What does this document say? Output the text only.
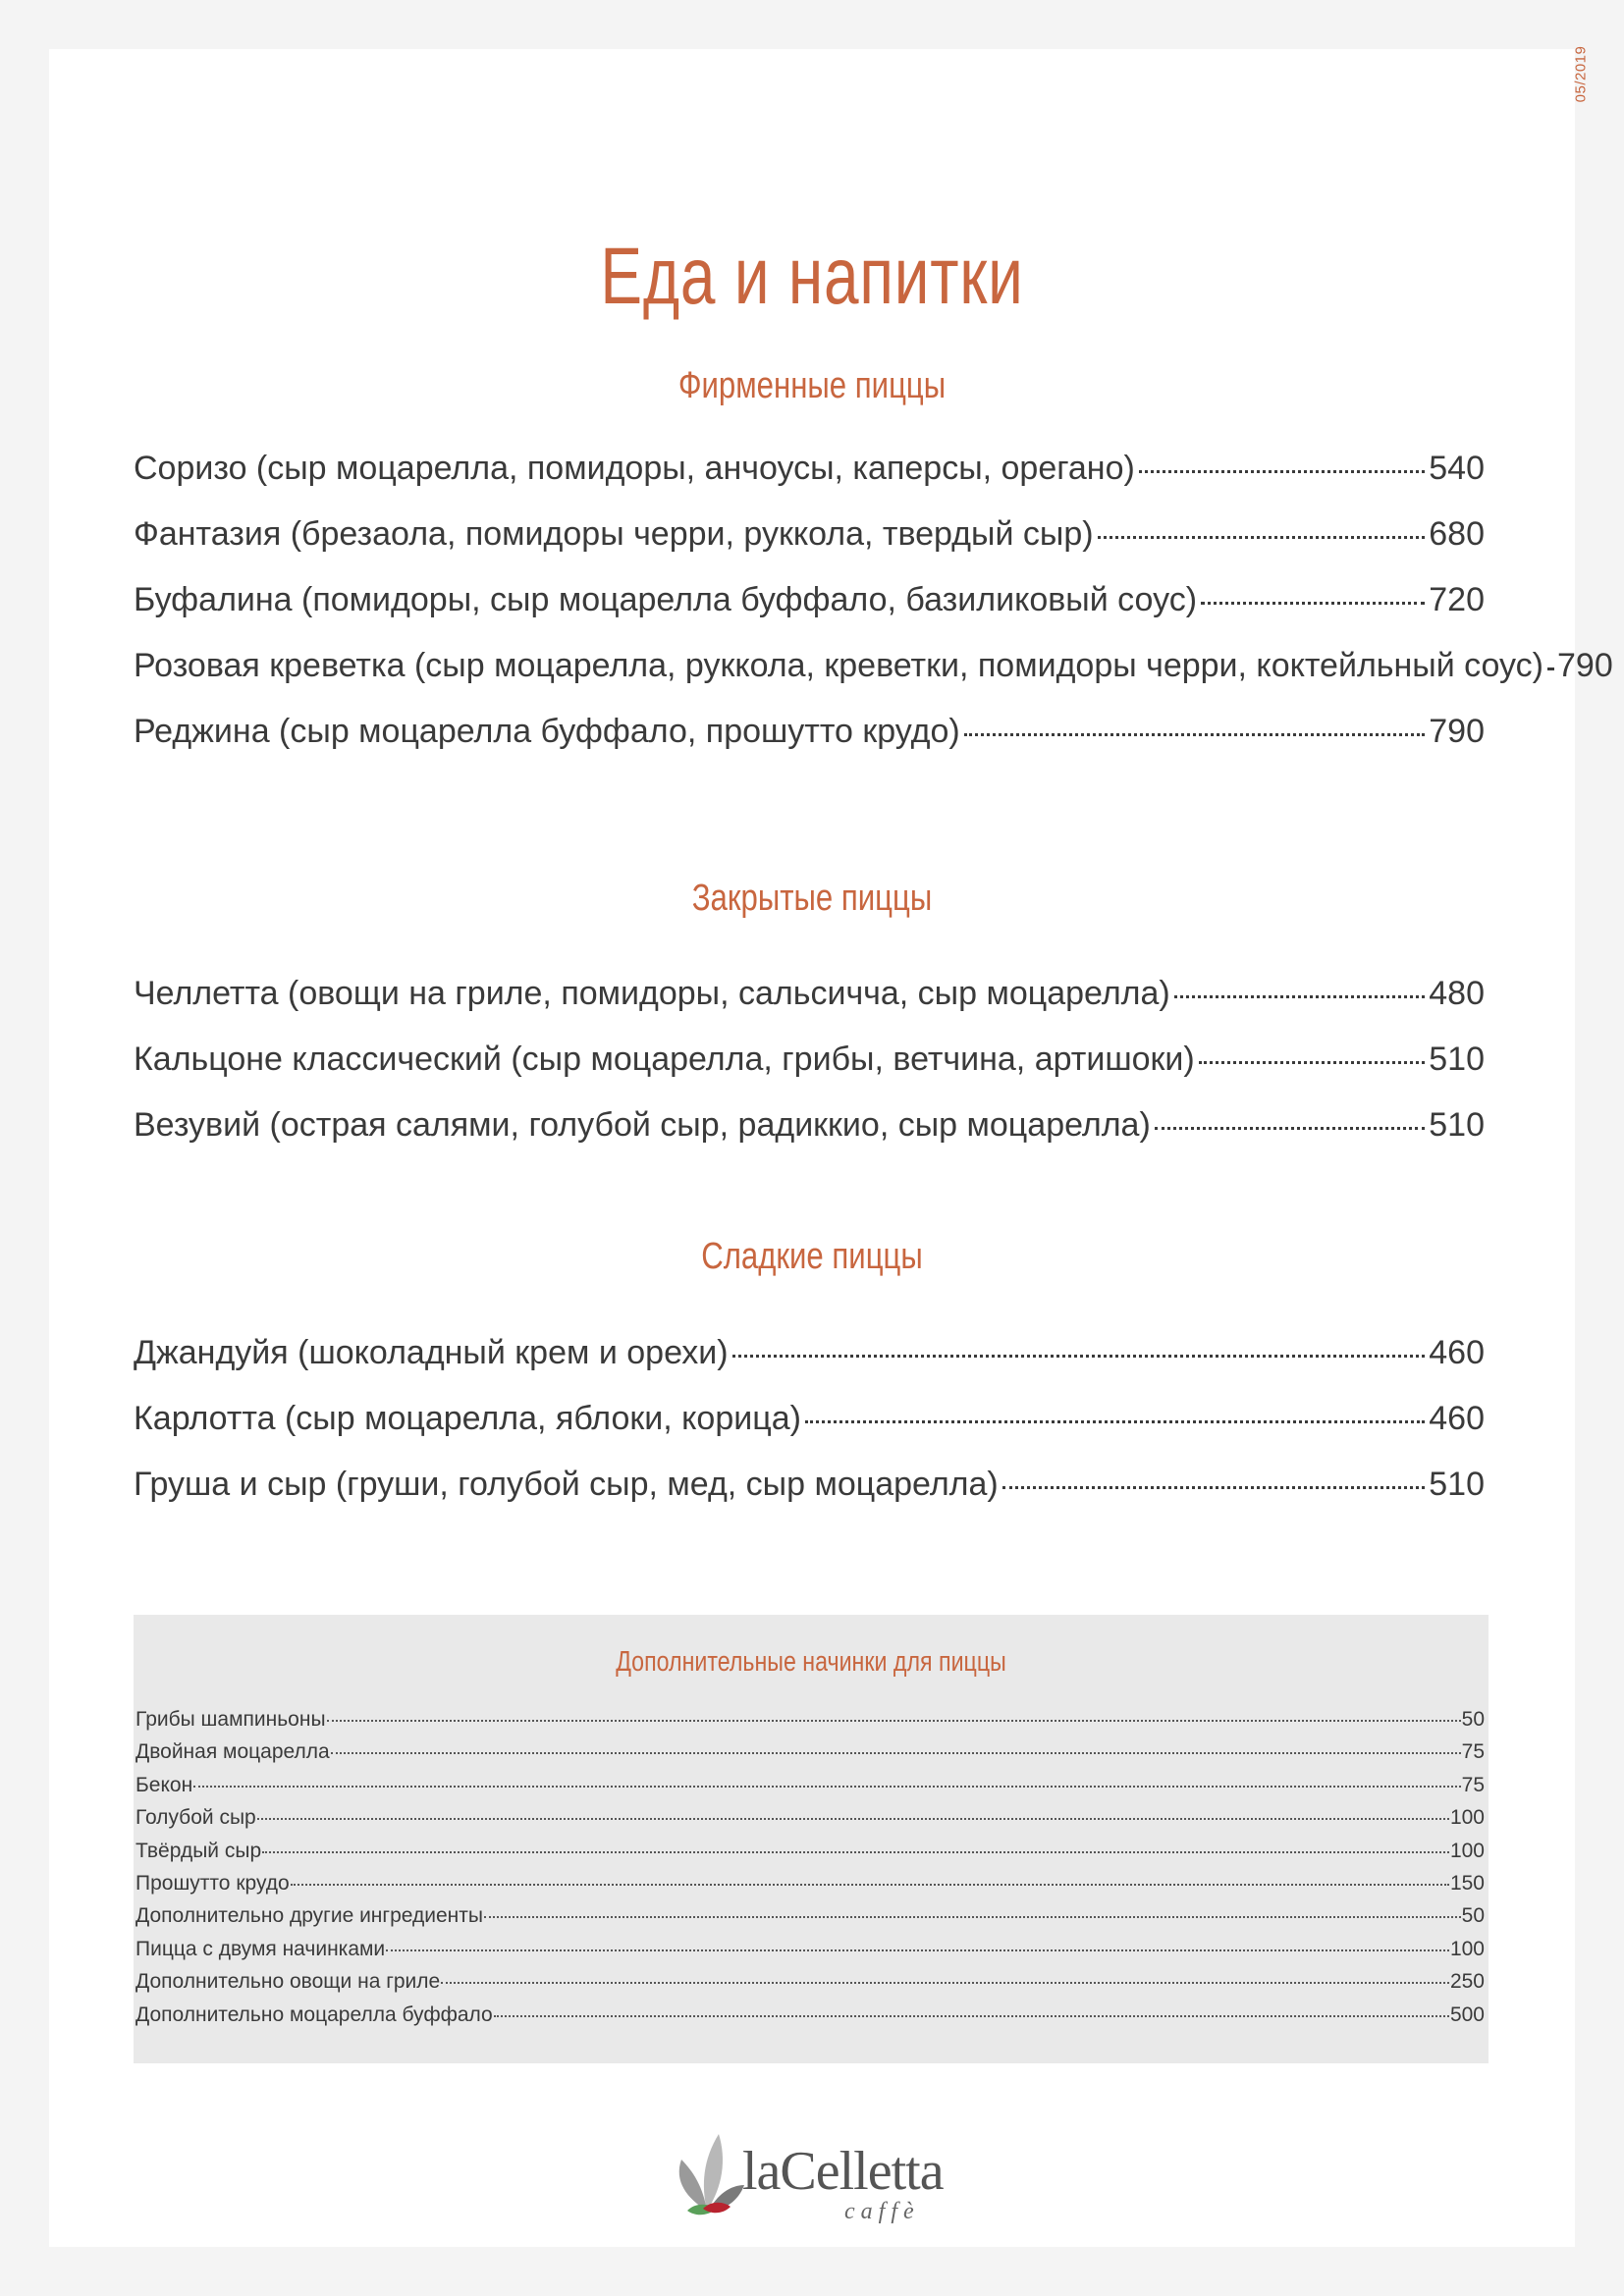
05/2019
Еда и напитки
Фирменные пиццы
Соризо (сыр моцарелла, помидоры, анчоусы, каперсы, орегано)	540
Фантазия (брезаола, помидоры черри, руккола, твердый сыр)	680
Буфалина (помидоры, сыр моцарелла буффало, базиликовый соус)	720
Розовая креветка (сыр моцарелла, руккола, креветки, помидоры черри, коктейльный соус) 790
Реджина (сыр моцарелла буффало, прошутто крудо)	790
Закрытые пиццы
Челлетта (овощи на гриле, помидоры, сальсичча, сыр моцарелла)	480
Кальцоне классический (сыр моцарелла, грибы, ветчина, артишоки)	510
Везувий (острая салями, голубой сыр, радиккио, сыр моцарелла)	510
Сладкие пиццы
Джандуйя (шоколадный крем и орехи)	460
Карлотта (сыр моцарелла, яблоки, корица)	460
Груша и сыр (груши, голубой сыр, мед, сыр моцарелла)	510
Дополнительные начинки для пиццы
Грибы шампиньоны	50
Двойная моцарелла	75
Бекон	75
Голубой сыр	100
Твёрдый сыр	100
Прошутто крудо	150
Дополнительно другие ингредиенты	50
Пицца с двумя начинками	100
Дополнительно овощи на гриле	250
Дополнительно моцарелла буффало	500
laCelletta
caffè
